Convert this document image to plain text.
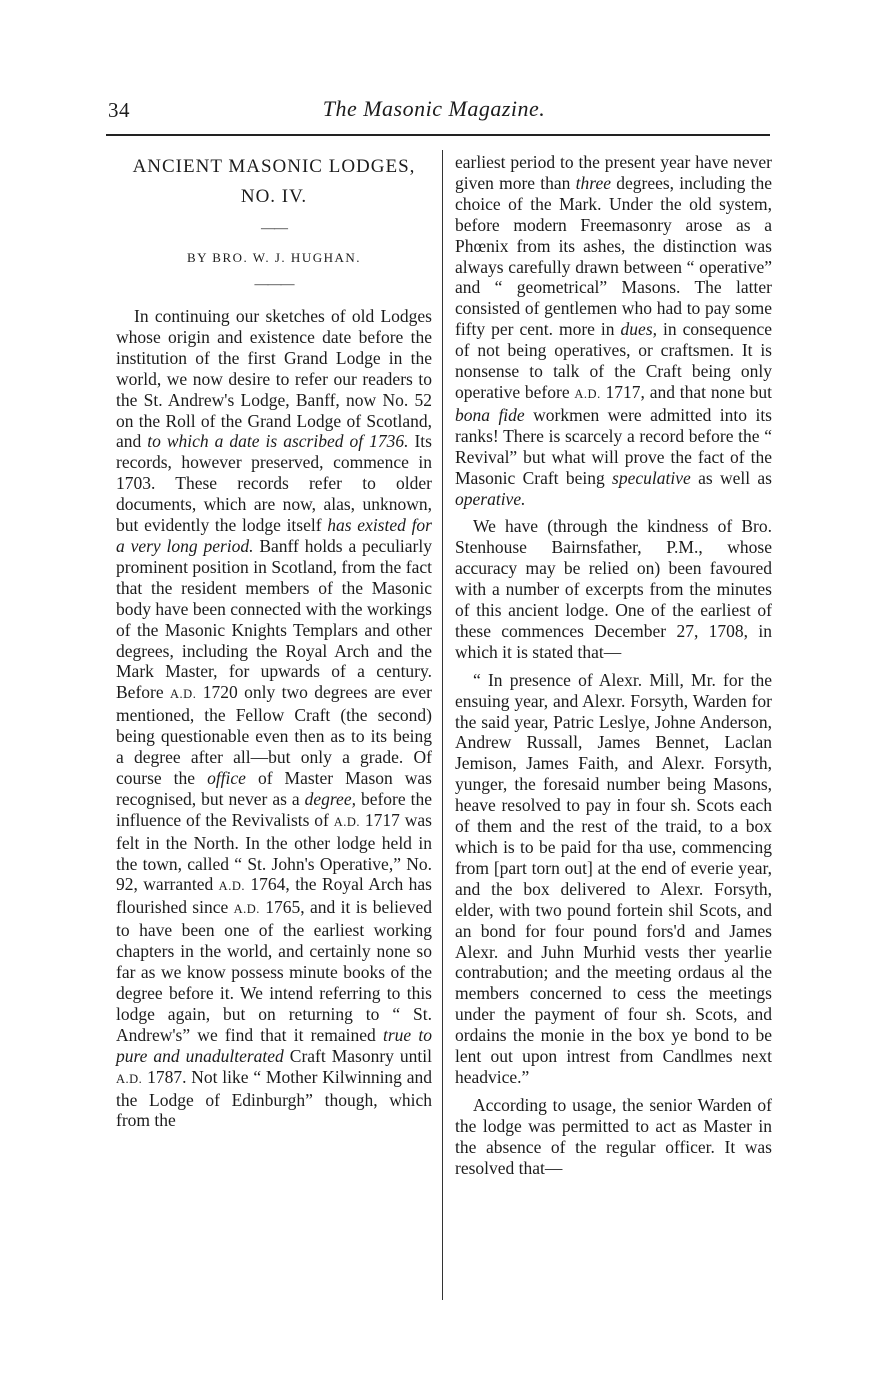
34	The Masonic Magazine.
ANCIENT MASONIC LODGES,
NO. IV.
——
BY BRO. W. J. HUGHAN.
———

In continuing our sketches of old Lodges whose origin and existence date before the institution of the first Grand Lodge in the world, we now desire to refer our readers to the St. Andrew's Lodge, Banff, now No. 52 on the Roll of the Grand Lodge of Scotland, and to which a date is ascribed of 1736. Its records, however preserved, commence in 1703. These records refer to older documents, which are now, alas, unknown, but evidently the lodge itself has existed for a very long period. Banff holds a peculiarly prominent position in Scotland, from the fact that the resident members of the Masonic body have been connected with the workings of the Masonic Knights Templars and other degrees, including the Royal Arch and the Mark Master, for upwards of a century. Before A.D. 1720 only two degrees are ever mentioned, the Fellow Craft (the second) being questionable even then as to its being a degree after all—but only a grade. Of course the office of Master Mason was recognised, but never as a degree, before the influence of the Revivalists of A.D. 1717 was felt in the North. In the other lodge held in the town, called “ St. John's Operative,” No. 92, warranted A.D. 1764, the Royal Arch has flourished since A.D. 1765, and it is believed to have been one of the earliest working chapters in the world, and certainly none so far as we know possess minute books of the degree before it. We intend referring to this lodge again, but on returning to “ St. Andrew's” we find that it remained true to pure and unadulterated Craft Masonry until A.D. 1787. Not like “ Mother Kilwinning and the Lodge of Edinburgh” though, which from the

earliest period to the present year have never given more than three degrees, including the choice of the Mark. Under the old system, before modern Freemasonry arose as a Phœnix from its ashes, the distinction was always carefully drawn between “ operative” and “ geometrical” Masons. The latter consisted of gentlemen who had to pay some fifty per cent. more in dues, in consequence of not being operatives, or craftsmen. It is nonsense to talk of the Craft being only operative before A.D. 1717, and that none but bona fide workmen were admitted into its ranks! There is scarcely a record before the “ Revival” but what will prove the fact of the Masonic Craft being speculative as well as operative.

We have (through the kindness of Bro. Stenhouse Bairnsfather, P.M., whose accuracy may be relied on) been favoured with a number of excerpts from the minutes of this ancient lodge. One of the earliest of these commences December 27, 1708, in which it is stated that—

“ In presence of Alexr. Mill, Mr. for the ensuing year, and Alexr. Forsyth, Warden for the said year, Patric Leslye, Johne Anderson, Andrew Russall, James Bennet, Laclan Jemison, James Faith, and Alexr. Forsyth, yunger, the foresaid number being Masons, heave resolved to pay in four sh. Scots each of them and the rest of the traid, to a box which is to be paid for tha use, commencing from [part torn out] at the end of everie year, and the box delivered to Alexr. Forsyth, elder, with two pound fortein shil Scots, and an bond for four pound fors'd and James Alexr. and Juhn Murhid vests ther yearlie contrabution; and the meeting ordaus al the members concerned to cess the meetings under the payment of four sh. Scots, and ordains the monie in the box ye bond to be lent out upon intrest from Candlmes next headvice.”

According to usage, the senior Warden of the lodge was permitted to act as Master in the absence of the regular officer. It was resolved that—
